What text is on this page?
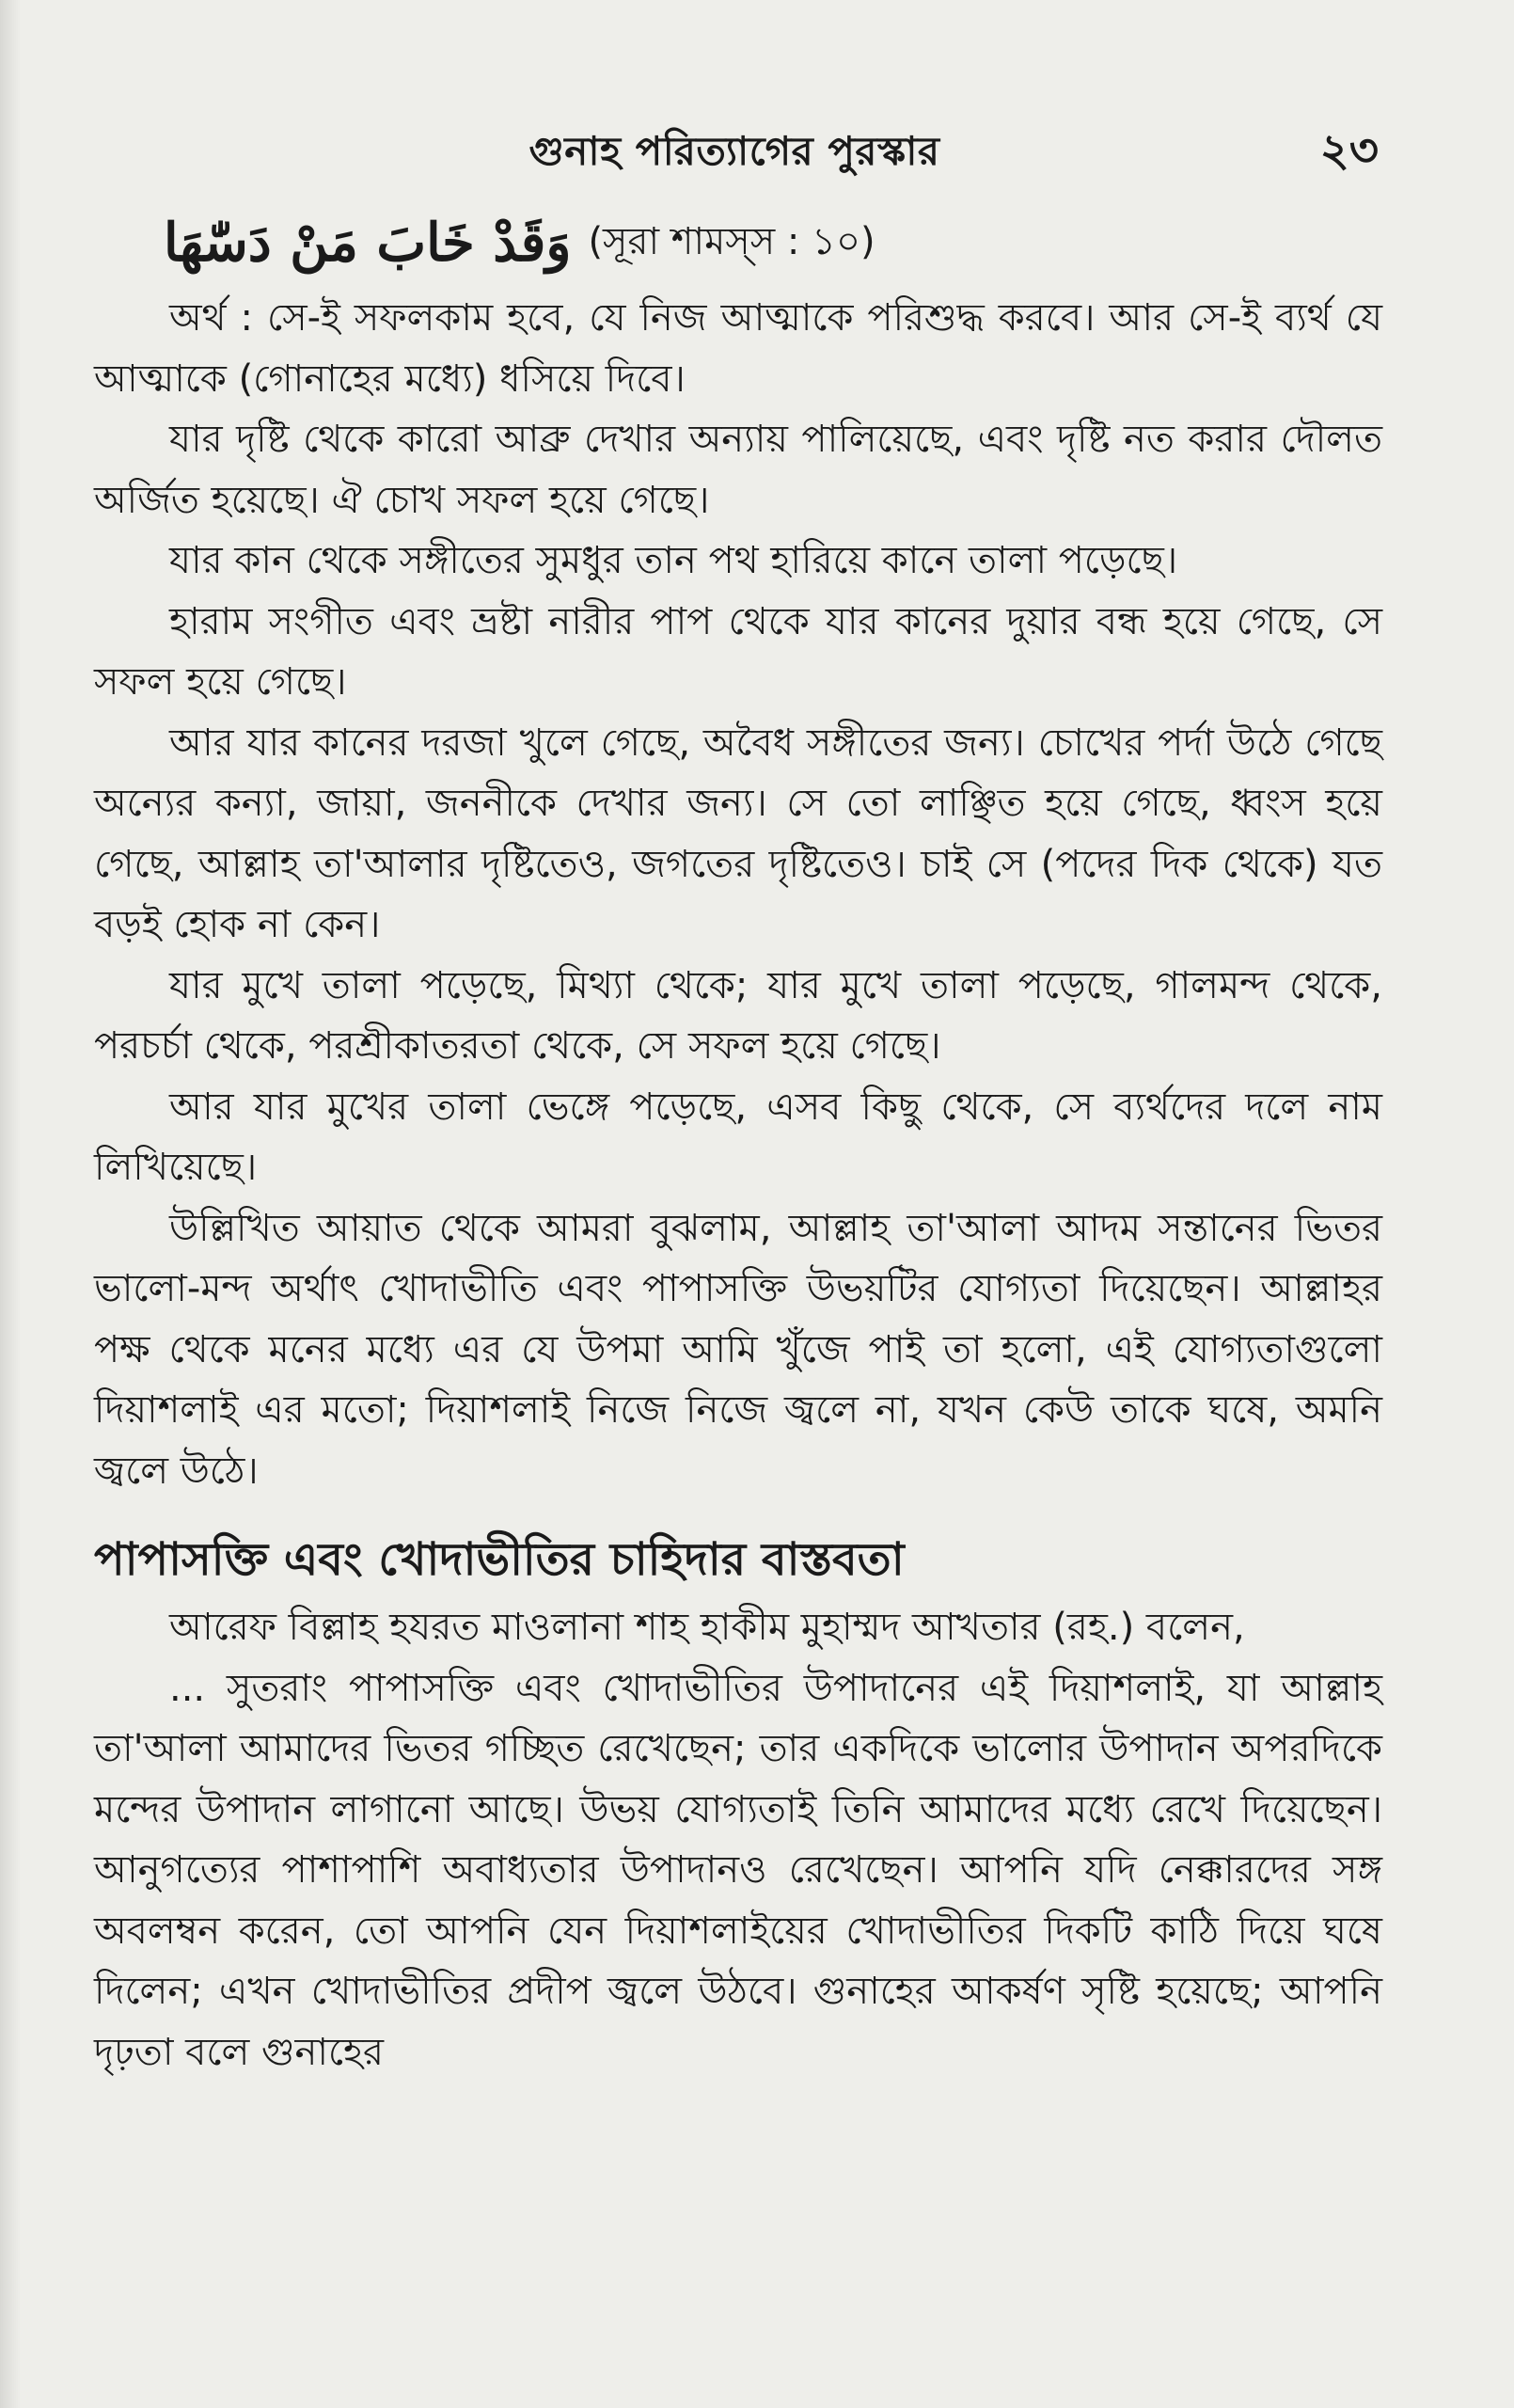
গুনাহ পরিত্যাগের পুরস্কার	২৩
وَقَدْ خَابَ مَنْ دَسّٰهَا (সূরা শামস্‌স : ১০)

অর্থ : সে-ই সফলকাম হবে, যে নিজ আত্মাকে পরিশুদ্ধ করবে। আর সে-ই ব্যর্থ যে আত্মাকে (গোনাহের মধ্যে) ধসিয়ে দিবে।

যার দৃষ্টি থেকে কারো আব্রু দেখার অন্যায় পালিয়েছে, এবং দৃষ্টি নত করার দৌলত অর্জিত হয়েছে। ঐ চোখ সফল হয়ে গেছে।

যার কান থেকে সঙ্গীতের সুমধুর তান পথ হারিয়ে কানে তালা পড়েছে।

হারাম সংগীত এবং ভ্রষ্টা নারীর পাপ থেকে যার কানের দুয়ার বন্ধ হয়ে গেছে, সে সফল হয়ে গেছে।

আর যার কানের দরজা খুলে গেছে, অবৈধ সঙ্গীতের জন্য। চোখের পর্দা উঠে গেছে অন্যের কন্যা, জায়া, জননীকে দেখার জন্য। সে তো লাঞ্ছিত হয়ে গেছে, ধ্বংস হয়ে গেছে, আল্লাহ তা'আলার দৃষ্টিতেও, জগতের দৃষ্টিতেও। চাই সে (পদের দিক থেকে) যত বড়ই হোক না কেন।

যার মুখে তালা পড়েছে, মিথ্যা থেকে; যার মুখে তালা পড়েছে, গালমন্দ থেকে, পরচর্চা থেকে, পরশ্রীকাতরতা থেকে, সে সফল হয়ে গেছে।

আর যার মুখের তালা ভেঙ্গে পড়েছে, এসব কিছু থেকে, সে ব্যর্থদের দলে নাম লিখিয়েছে।

উল্লিখিত আয়াত থেকে আমরা বুঝলাম, আল্লাহ তা'আলা আদম সন্তানের ভিতর ভালো-মন্দ অর্থাৎ খোদাভীতি এবং পাপাসক্তি উভয়টির যোগ্যতা দিয়েছেন। আল্লাহর পক্ষ থেকে মনের মধ্যে এর যে উপমা আমি খুঁজে পাই তা হলো, এই যোগ্যতাগুলো দিয়াশলাই এর মতো; দিয়াশলাই নিজে নিজে জ্বলে না, যখন কেউ তাকে ঘষে, অমনি জ্বলে উঠে।

পাপাসক্তি এবং খোদাভীতির চাহিদার বাস্তবতা

আরেফ বিল্লাহ হযরত মাওলানা শাহ হাকীম মুহাম্মদ আখতার (রহ.) বলেন,

... সুতরাং পাপাসক্তি এবং খোদাভীতির উপাদানের এই দিয়াশলাই, যা আল্লাহ তা'আলা আমাদের ভিতর গচ্ছিত রেখেছেন; তার একদিকে ভালোর উপাদান অপরদিকে মন্দের উপাদান লাগানো আছে। উভয় যোগ্যতাই তিনি আমাদের মধ্যে রেখে দিয়েছেন। আনুগত্যের পাশাপাশি অবাধ্যতার উপাদানও রেখেছেন। আপনি যদি নেক্কারদের সঙ্গ অবলম্বন করেন, তো আপনি যেন দিয়াশলাইয়ের খোদাভীতির দিকটি কাঠি দিয়ে ঘষে দিলেন; এখন খোদাভীতির প্রদীপ জ্বলে উঠবে। গুনাহের আকর্ষণ সৃষ্টি হয়েছে; আপনি দৃঢ়তা বলে গুনাহের
